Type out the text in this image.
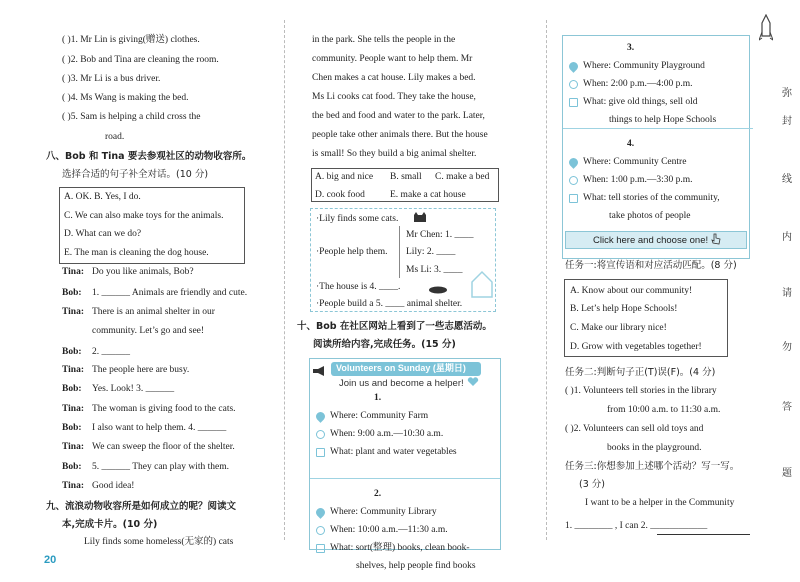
( )1. Mr Lin is giving(赠送) clothes.
( )2. Bob and Tina are cleaning the room.
( )3. Mr Li is a bus driver.
( )4. Ms Wang is making the bed.
( )5. Sam is helping a child cross the
road.
八、Bob 和 Tina 要去参观社区的动物收容所。
选择合适的句子补全对话。(10 分)
A. OK. B. Yes, I do.
C. We can also make toys for the animals.
D. What can we do?
E. The man is cleaning the dog house.
Tina: Do you like animals, Bob?
Bob: 1. ______ Animals are friendly and cute.
Tina: There is an animal shelter in our
community. Let’s go and see!
Bob: 2. ______
Tina: The people here are busy.
Bob: Yes. Look! 3. ______
Tina: The woman is giving food to the cats.
Bob: I also want to help them. 4. ______
Tina: We can sweep the floor of the shelter.
Bob: 5. ______ They can play with them.
Tina: Good idea!
九、流浪动物收容所是如何成立的呢？阅读文
本,完成卡片。(10 分)
Lily finds some homeless(无家的) cats
20
in the park. She tells the people in the
community. People want to help them. Mr
Chen makes a cat house. Lily makes a bed.
Ms Li cooks cat food. They take the house,
the bed and food and water to the park. Later,
people take other animals there. But the house
is small! So they build a big animal shelter.
A. big and nice B. small C. make a bed
D. cook food	E. make a cat house
·Lily finds some cats.
·People help them.
Mr Chen: 1. ____
Lily: 2. ____
Ms Li: 3. ____
·The house is 4. ____.
·People build a 5. ____ animal shelter.
十、Bob 在社区网站上看到了一些志愿活动。
阅读所给内容,完成任务。(15 分)
Volunteers on Sunday (星期日)
Join us and become a helper!
1.
Where: Community Farm
When: 9:00 a.m.—10:30 a.m.
What: plant and water vegetables
2.
Where: Community Library
When: 10:00 a.m.—11:30 a.m.
What: sort(整理) books, clean book-
shelves, help people find books
3.
Where: Community Playground
When: 2:00 p.m.—4:00 p.m.
What: give old things, sell old
things to help Hope Schools
4.
Where: Community Centre
When: 1:00 p.m.—3:30 p.m.
What: tell stories of the community,
take photos of people
Click here and choose one!
任务一:将宣传语和对应活动匹配。(8 分)
A. Know about our community!
B. Let’s help Hope Schools!
C. Make our library nice!
D. Grow with vegetables together!
任务二:判断句子正(T)误(F)。(4 分)
( )1. Volunteers tell stories in the library
from 10:00 a.m. to 11:30 a.m.
( )2. Volunteers can sell old toys and
books in the playground.
任务三:你想参加上述哪个活动？写一写。
(3 分)
I want to be a helper in the Community
1. ________ , I can 2. ____________
弥
封
线
内
请
勿
答
题
